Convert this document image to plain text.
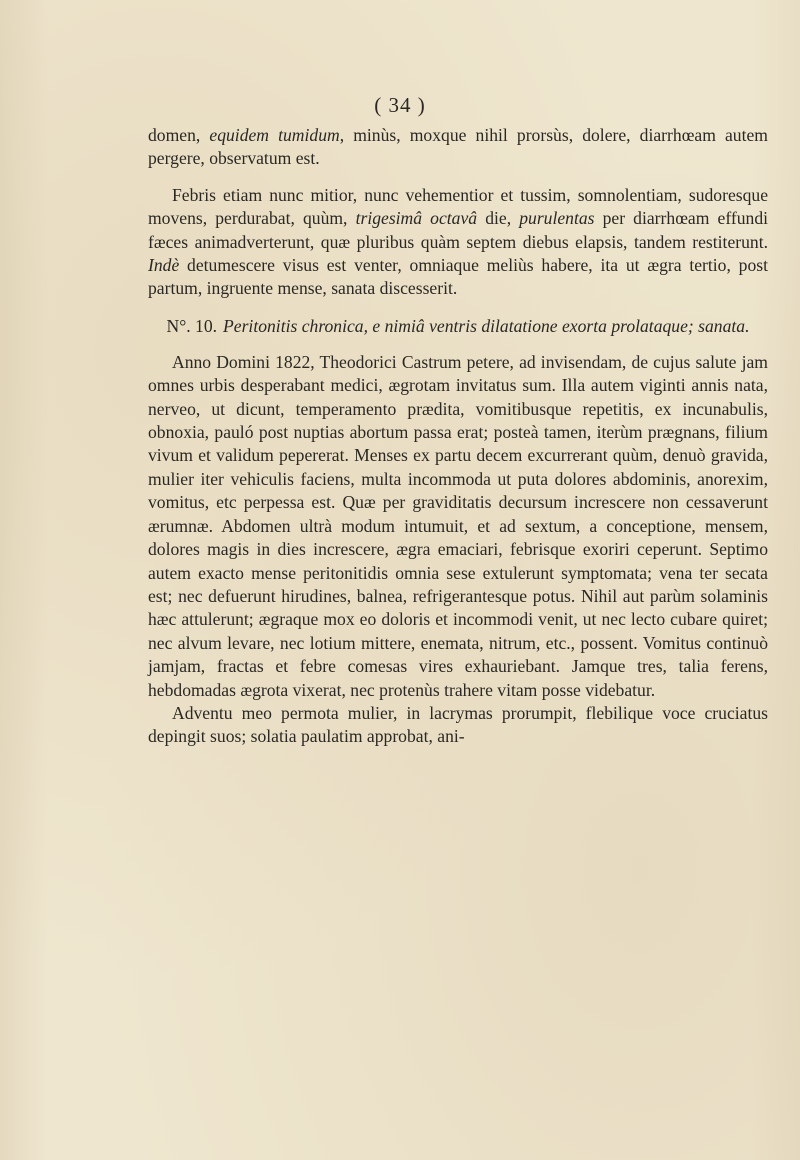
( 34 )

domen, equidem tumidum, minùs, moxque nihil prorsùs, dolere, diarrhœam autem pergere, observatum est.

Febris etiam nunc mitior, nunc vehementior et tussim, somnolentiam, sudoresque movens, perdurabat, quùm, trigesimâ octavâ die, purulentas per diarrhœam effundi fæces animadverterunt, quæ pluribus quàm septem diebus elapsis, tandem restiterunt. Indè detumescere visus est venter, omniaque meliùs habere, ita ut ægra tertio, post partum, ingruente mense, sanata discesserit.

N°. 10. Peritonitis chronica, e nimiâ ventris dilatatione exorta prolataque; sanata.

Anno Domini 1822, Theodorici Castrum petere, ad invisendam, de cujus salute jam omnes urbis desperabant medici, ægrotam invitatus sum. Illa autem viginti annis nata, nerveo, ut dicunt, temperamento prædita, vomitibusque repetitis, ex incunabulis, obnoxia, pauló post nuptias abortum passa erat; posteà tamen, iterùm prægnans, filium vivum et validum pepererat. Menses ex partu decem excurrerant quùm, denuò gravida, mulier iter vehiculis faciens, multa incommoda ut puta dolores abdominis, anorexim, vomitus, etc perpessa est. Quæ per graviditatis decursum increscere non cessaverunt ærumnæ. Abdomen ultrà modum intumuit, et ad sextum, a conceptione, mensem, dolores magis in dies increscere, ægra emaciari, febrisque exoriri ceperunt. Septimo autem exacto mense peritonitidis omnia sese extulerunt symptomata; vena ter secata est; nec defuerunt hirudines, balnea, refrigerantesque potus. Nihil aut parùm solaminis hæc attulerunt; ægraque mox eo doloris et incommodi venit, ut nec lecto cubare quiret; nec alvum levare, nec lotium mittere, enemata, nitrum, etc., possent. Vomitus continuò jamjam, fractas et febre comesas vires exhauriebant. Jamque tres, talia ferens, hebdomadas ægrota vixerat, nec protenùs trahere vitam posse videbatur.

Adventu meo permota mulier, in lacrymas prorumpit, flebilique voce cruciatus depingit suos; solatia paulatim approbat, ani-
